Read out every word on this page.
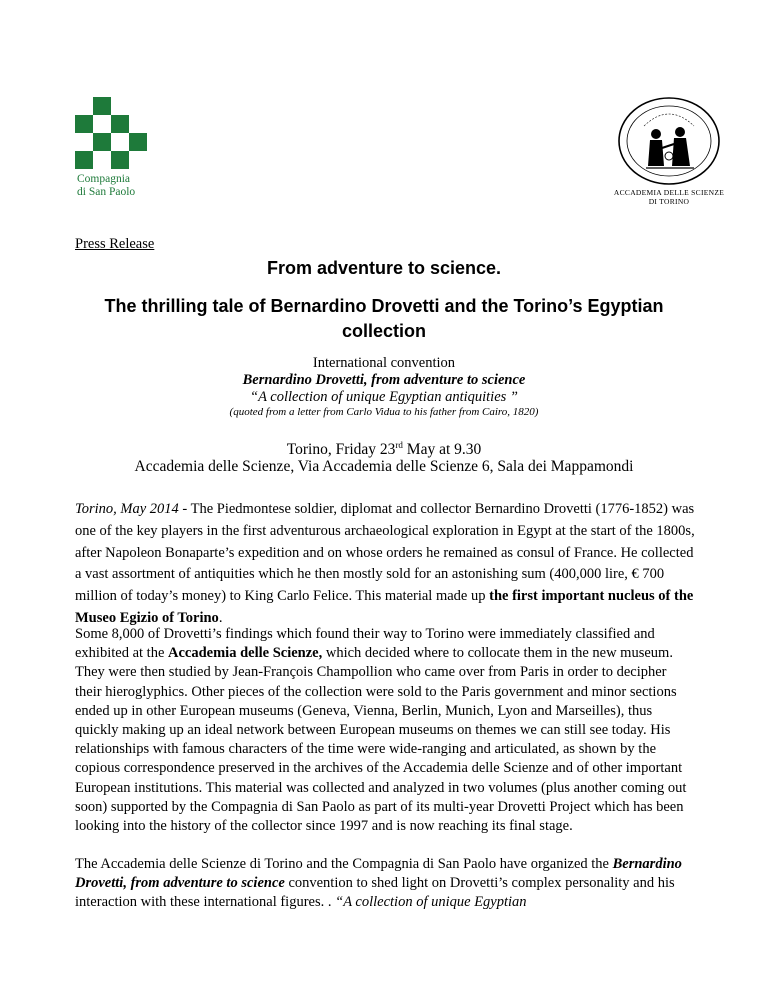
Compagnia
di San Paolo	ACCADEMIA DELLE SCIENZE
DI TORINO
Press Release
From adventure to science.
The thrilling tale of Bernardino Drovetti and the Torino’s Egyptian
collection
International convention
Bernardino Drovetti, from adventure to science
“A collection of unique Egyptian antiquities ”
(quoted from a letter from Carlo Vidua to his father from Cairo, 1820)
Torino, Friday 23rd May at 9.30
Accademia delle Scienze, Via Accademia delle Scienze 6, Sala dei Mappamondi
Torino, May 2014 - The Piedmontese soldier, diplomat and collector Bernardino Drovetti (1776-1852) was one of the key players in the first adventurous archaeological exploration in Egypt at the start of the 1800s, after Napoleon Bonaparte’s expedition and on whose orders he remained as consul of France. He collected a vast assortment of antiquities which he then mostly sold for an astonishing sum (400,000 lire, € 700 million of today’s money) to King Carlo Felice. This material made up the first important nucleus of the Museo Egizio of Torino.
Some 8,000 of Drovetti’s findings which found their way to Torino were immediately classified and exhibited at the Accademia delle Scienze, which decided where to collocate them in the new museum. They were then studied by Jean-François Champollion who came over from Paris in order to decipher their hieroglyphics. Other pieces of the collection were sold to the Paris government and minor sections ended up in other European museums (Geneva, Vienna, Berlin, Munich, Lyon and Marseilles), thus quickly making up an ideal network between European museums on themes we can still see today. His relationships with famous characters of the time were wide-ranging and articulated, as shown by the copious correspondence preserved in the archives of the Accademia delle Scienze and of other important European institutions. This material was collected and analyzed in two volumes (plus another coming out soon) supported by the Compagnia di San Paolo as part of its multi-year Drovetti Project which has been looking into the history of the collector since 1997 and is now reaching its final stage.
The Accademia delle Scienze di Torino and the Compagnia di San Paolo have organized the Bernardino Drovetti, from adventure to science convention to shed light on Drovetti’s complex personality and his interaction with these international figures. . “A collection of unique Egyptian
